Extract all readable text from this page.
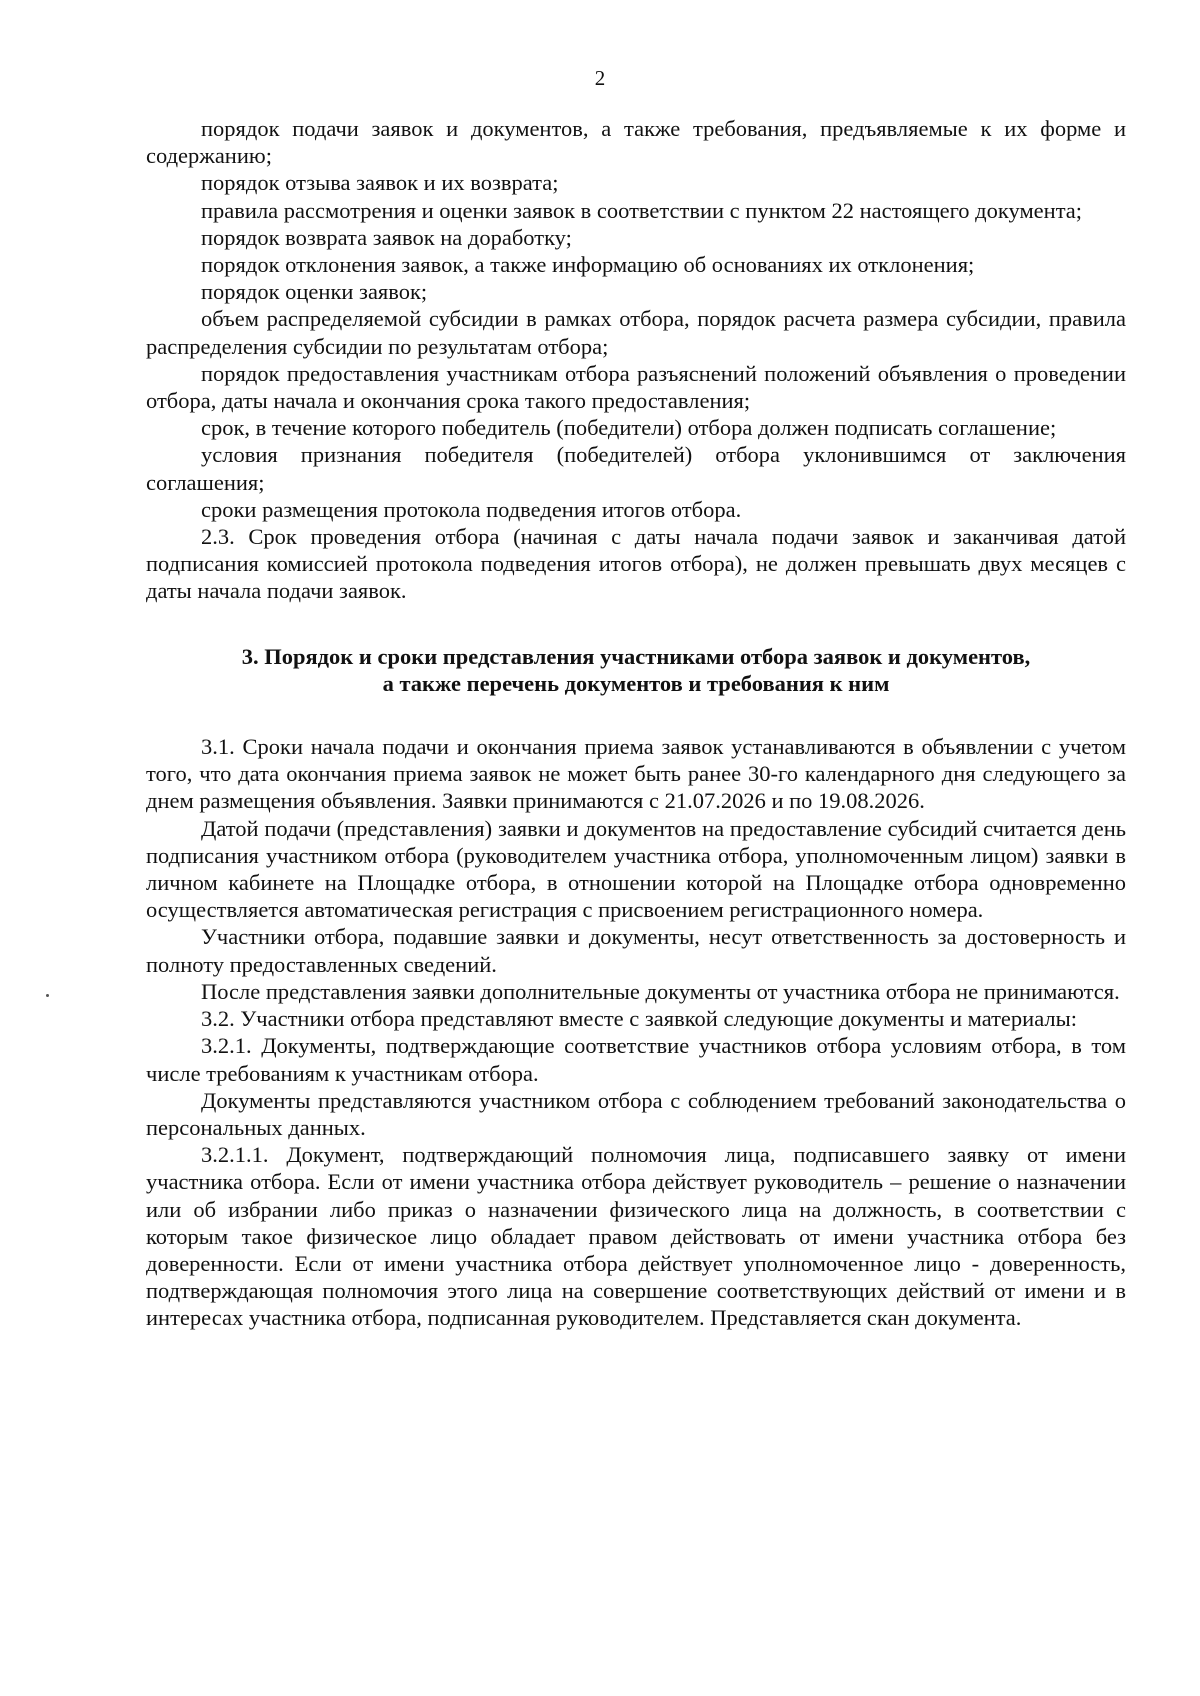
2

порядок подачи заявок и документов, а также требования, предъявляемые к их форме и содержанию;

порядок отзыва заявок и их возврата;

правила рассмотрения и оценки заявок в соответствии с пунктом 22 настоящего документа;

порядок возврата заявок на доработку;

порядок отклонения заявок, а также информацию об основаниях их отклонения;

порядок оценки заявок;

объем распределяемой субсидии в рамках отбора, порядок расчета размера субсидии, правила распределения субсидии по результатам отбора;

порядок предоставления участникам отбора разъяснений положений объявления о проведении отбора, даты начала и окончания срока такого предоставления;

срок, в течение которого победитель (победители) отбора должен подписать соглашение;

условия признания победителя (победителей) отбора уклонившимся от заключения соглашения;

сроки размещения протокола подведения итогов отбора.

2.3. Срок проведения отбора (начиная с даты начала подачи заявок и заканчивая датой подписания комиссией протокола подведения итогов отбора), не должен превышать двух месяцев с даты начала подачи заявок.

3. Порядок и сроки представления участниками отбора заявок и документов,
а также перечень документов и требования к ним

3.1. Сроки начала подачи и окончания приема заявок устанавливаются в объявлении с учетом того, что дата окончания приема заявок не может быть ранее 30-го календарного дня следующего за днем размещения объявления. Заявки принимаются с 21.07.2026 и по 19.08.2026.

Датой подачи (представления) заявки и документов на предоставление субсидий считается день подписания участником отбора (руководителем участника отбора, уполномоченным лицом) заявки в личном кабинете на Площадке отбора, в отношении которой на Площадке отбора одновременно осуществляется автоматическая регистрация с присвоением регистрационного номера.

Участники отбора, подавшие заявки и документы, несут ответственность за достоверность и полноту предоставленных сведений.

После представления заявки дополнительные документы от участника отбора не принимаются.

3.2. Участники отбора представляют вместе с заявкой следующие документы и материалы:

3.2.1. Документы, подтверждающие соответствие участников отбора условиям отбора, в том числе требованиям к участникам отбора.

Документы представляются участником отбора с соблюдением требований законодательства о персональных данных.

3.2.1.1. Документ, подтверждающий полномочия лица, подписавшего заявку от имени участника отбора. Если от имени участника отбора действует руководитель – решение о назначении или об избрании либо приказ о назначении физического лица на должность, в соответствии с которым такое физическое лицо обладает правом действовать от имени участника отбора без доверенности. Если от имени участника отбора действует уполномоченное лицо - доверенность, подтверждающая полномочия этого лица на совершение соответствующих действий от имени и в интересах участника отбора, подписанная руководителем. Представляется скан документа.
